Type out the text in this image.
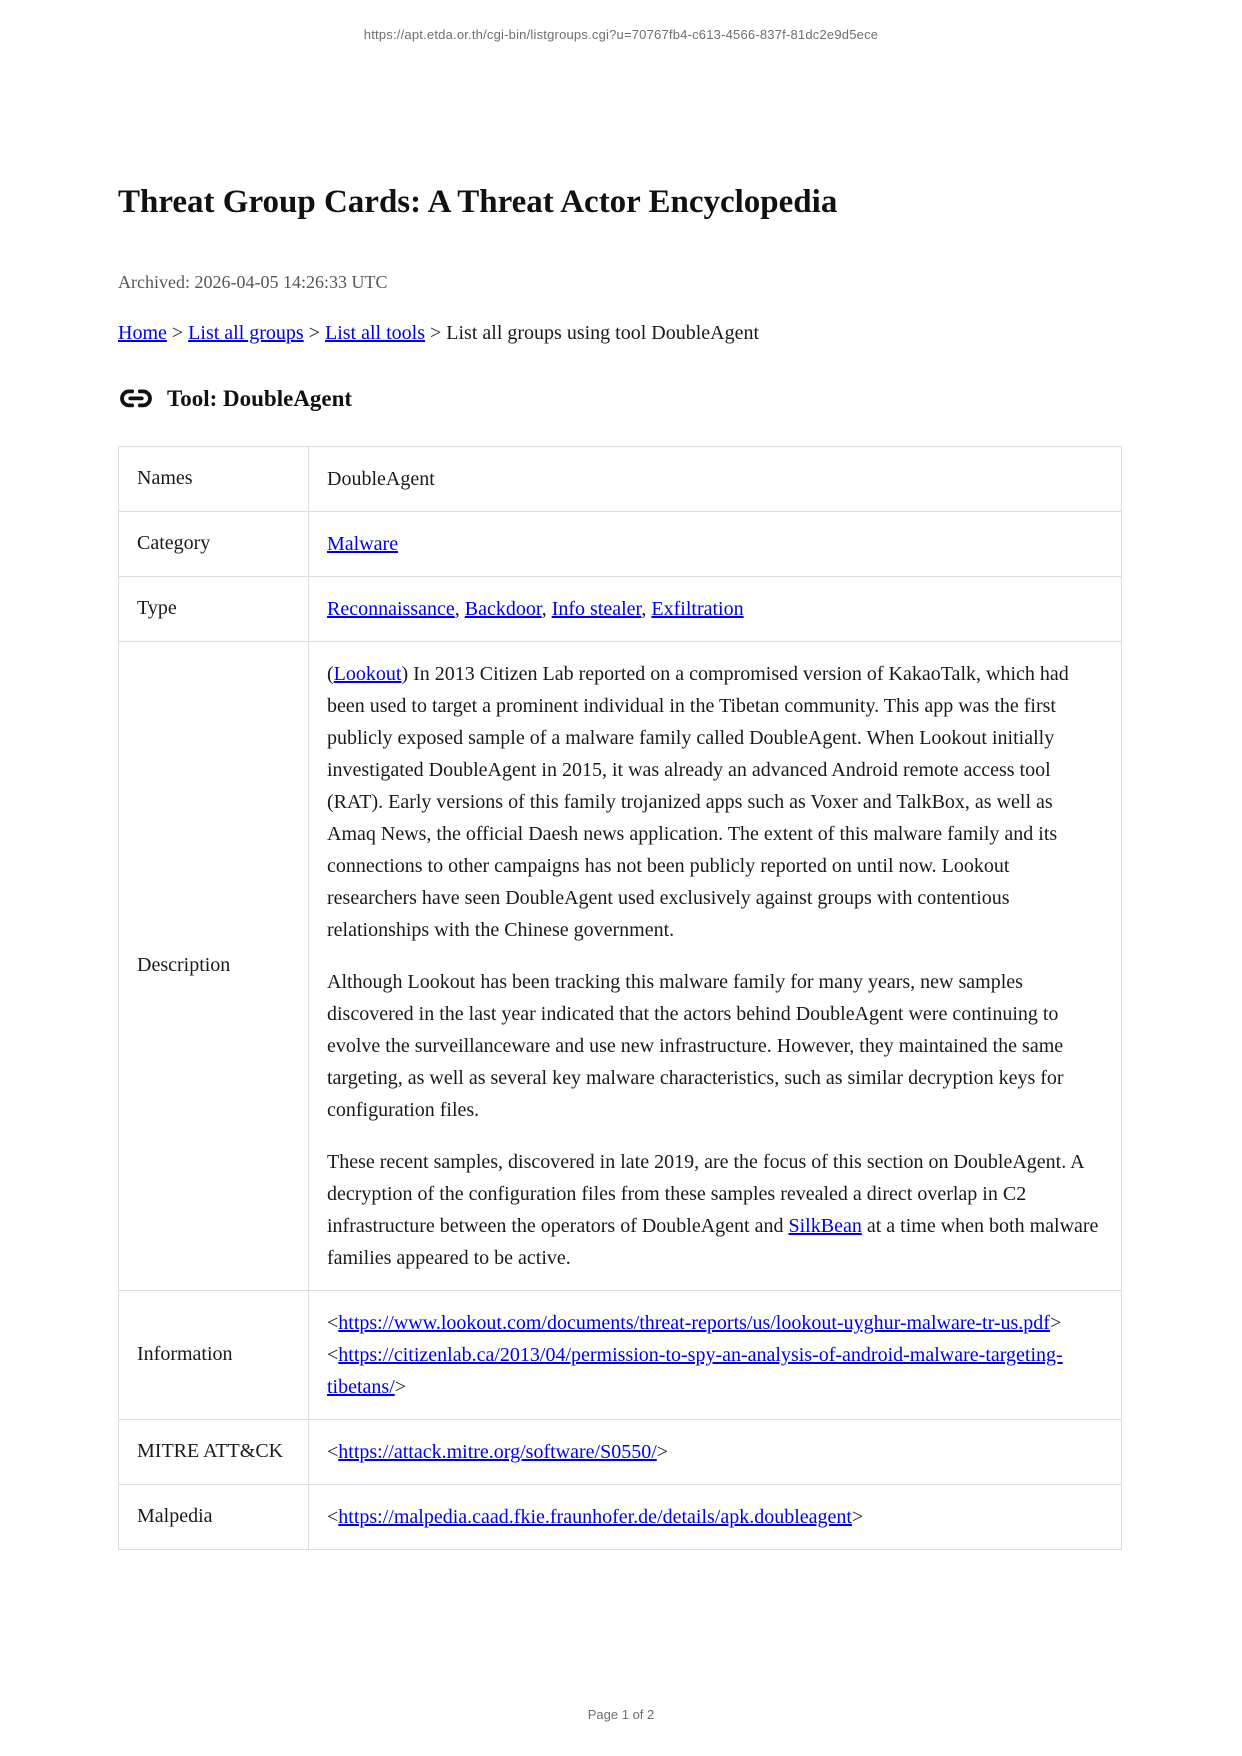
https://apt.etda.or.th/cgi-bin/listgroups.cgi?u=70767fb4-c613-4566-837f-81dc2e9d5ece
Threat Group Cards: A Threat Actor Encyclopedia
Archived: 2026-04-05 14:26:33 UTC
Home > List all groups > List all tools > List all groups using tool DoubleAgent
Tool: DoubleAgent
Names	DoubleAgent
Category	Malware
Type	Reconnaissance, Backdoor, Info stealer, Exfiltration
Description	(Lookout) In 2013 Citizen Lab reported on a compromised version of KakaoTalk, which had been used to target a prominent individual in the Tibetan community. This app was the first publicly exposed sample of a malware family called DoubleAgent. When Lookout initially investigated DoubleAgent in 2015, it was already an advanced Android remote access tool (RAT). Early versions of this family trojanized apps such as Voxer and TalkBox, as well as Amaq News, the official Daesh news application. The extent of this malware family and its connections to other campaigns has not been publicly reported on until now. Lookout researchers have seen DoubleAgent used exclusively against groups with contentious relationships with the Chinese government.

Although Lookout has been tracking this malware family for many years, new samples discovered in the last year indicated that the actors behind DoubleAgent were continuing to evolve the surveillanceware and use new infrastructure. However, they maintained the same targeting, as well as several key malware characteristics, such as similar decryption keys for configuration files.

These recent samples, discovered in late 2019, are the focus of this section on DoubleAgent. A decryption of the configuration files from these samples revealed a direct overlap in C2 infrastructure between the operators of DoubleAgent and SilkBean at a time when both malware families appeared to be active.

Information	<https://www.lookout.com/documents/threat-reports/us/lookout-uyghur-malware-tr-us.pdf>
<https://citizenlab.ca/2013/04/permission-to-spy-an-analysis-of-android-malware-targeting-tibetans/>
MITRE ATT&CK	<https://attack.mitre.org/software/S0550/>
Malpedia	<https://malpedia.caad.fkie.fraunhofer.de/details/apk.doubleagent>
Page 1 of 2
